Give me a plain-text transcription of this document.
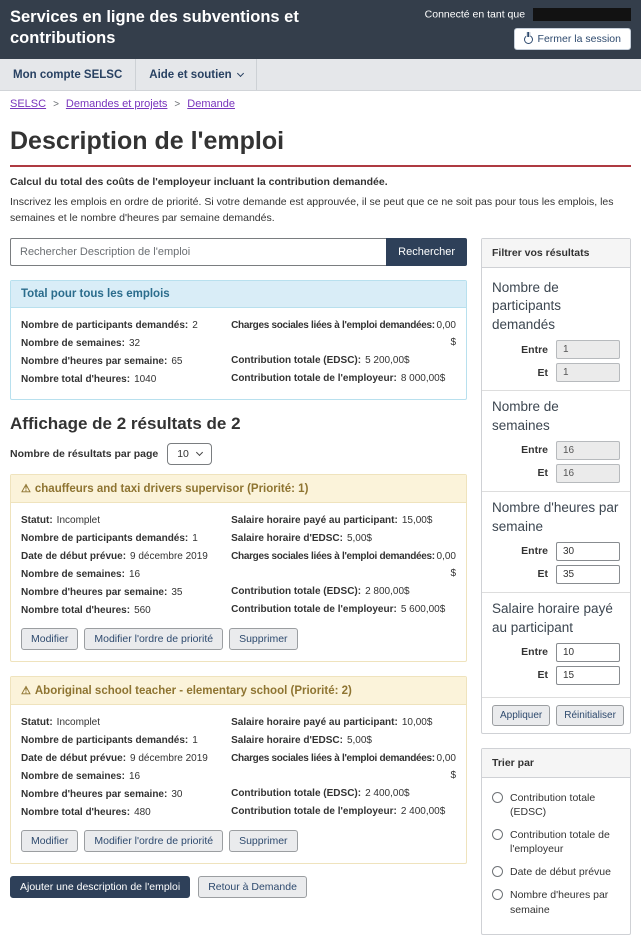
Services en ligne des subventions et contributions
Connecté en tant que
Fermer la session
Mon compte SELSC Aide et soutien
SELSC > Demandes et projets > Demande
Description de l'emploi

Calcul du total des coûts de l'employeur incluant la contribution demandée.

Inscrivez les emplois en ordre de priorité. Si votre demande est approuvée, il se peut que ce ne soit pas pour tous les emplois, les semaines et le nombre d'heures par semaine demandés.

Rechercher Description de l'emploi
Rechercher
Total pour tous les emplois
Nombre de participants demandés: 2
Nombre de semaines: 32
Nombre d'heures par semaine: 65
Nombre total d'heures: 1040
Charges sociales liées à l'emploi demandées: 0,00 $
Contribution totale (EDSC): 5 200,00$
Contribution totale de l'employeur: 8 000,00$
Affichage de 2 résultats de 2
Nombre de résultats par page 10
⚠ chauffeurs and taxi drivers supervisor (Priorité: 1)
Statut: Incomplet
Nombre de participants demandés: 1
Date de début prévue: 9 décembre 2019
Nombre de semaines: 16
Nombre d'heures par semaine: 35
Nombre total d'heures: 560
Salaire horaire payé au participant: 15,00$
Salaire horaire d'EDSC: 5,00$
Charges sociales liées à l'emploi demandées: 0,00 $
Contribution totale (EDSC): 2 800,00$
Contribution totale de l'employeur: 5 600,00$
Modifier	Modifier l'ordre de priorité	Supprimer
⚠ Aboriginal school teacher - elementary school (Priorité: 2)
Statut: Incomplet
Nombre de participants demandés: 1
Date de début prévue: 9 décembre 2019
Nombre de semaines: 16
Nombre d'heures par semaine: 30
Nombre total d'heures: 480
Salaire horaire payé au participant: 10,00$
Salaire horaire d'EDSC: 5,00$
Charges sociales liées à l'emploi demandées: 0,00 $
Contribution totale (EDSC): 2 400,00$
Contribution totale de l'employeur: 2 400,00$
Modifier	Modifier l'ordre de priorité	Supprimer
Ajouter une description de l'emploi	Retour à Demande
Filtrer vos résultats
Nombre de participants demandés
Entre
1
Et
1
Nombre de semaines
Entre
16
Et
16
Nombre d'heures par semaine
Entre
30
Et
35
Salaire horaire payé au participant
Entre
10
Et
15
Appliquer	Réinitialiser
Trier par
Contribution totale (EDSC)
Contribution totale de l'employeur
Date de début prévue
Nombre d'heures par semaine
